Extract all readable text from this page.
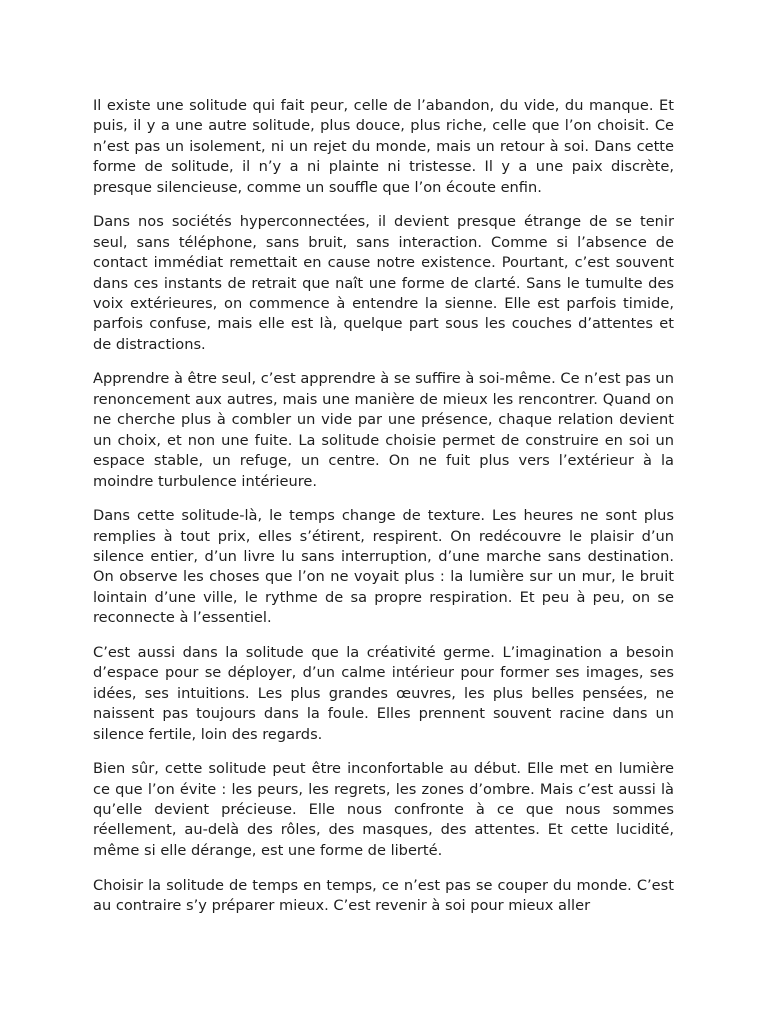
Il existe une solitude qui fait peur, celle de l’abandon, du vide, du manque. Et puis, il y a une autre solitude, plus douce, plus riche, celle que l’on choisit. Ce n’est pas un isolement, ni un rejet du monde, mais un retour à soi. Dans cette forme de solitude, il n’y a ni plainte ni tristesse. Il y a une paix discrète, presque silencieuse, comme un souffle que l’on écoute enfin.

Dans nos sociétés hyperconnectées, il devient presque étrange de se tenir seul, sans téléphone, sans bruit, sans interaction. Comme si l’absence de contact immédiat remettait en cause notre existence. Pourtant, c’est souvent dans ces instants de retrait que naît une forme de clarté. Sans le tumulte des voix extérieures, on commence à entendre la sienne. Elle est parfois timide, parfois confuse, mais elle est là, quelque part sous les couches d’attentes et de distractions.

Apprendre à être seul, c’est apprendre à se suffire à soi-même. Ce n’est pas un renoncement aux autres, mais une manière de mieux les rencontrer. Quand on ne cherche plus à combler un vide par une présence, chaque relation devient un choix, et non une fuite. La solitude choisie permet de construire en soi un espace stable, un refuge, un centre. On ne fuit plus vers l’extérieur à la moindre turbulence intérieure.

Dans cette solitude-là, le temps change de texture. Les heures ne sont plus remplies à tout prix, elles s’étirent, respirent. On redécouvre le plaisir d’un silence entier, d’un livre lu sans interruption, d’une marche sans destination. On observe les choses que l’on ne voyait plus : la lumière sur un mur, le bruit lointain d’une ville, le rythme de sa propre respiration. Et peu à peu, on se reconnecte à l’essentiel.

C’est aussi dans la solitude que la créativité germe. L’imagination a besoin d’espace pour se déployer, d’un calme intérieur pour former ses images, ses idées, ses intuitions. Les plus grandes œuvres, les plus belles pensées, ne naissent pas toujours dans la foule. Elles prennent souvent racine dans un silence fertile, loin des regards.

Bien sûr, cette solitude peut être inconfortable au début. Elle met en lumière ce que l’on évite : les peurs, les regrets, les zones d’ombre. Mais c’est aussi là qu’elle devient précieuse. Elle nous confronte à ce que nous sommes réellement, au-delà des rôles, des masques, des attentes. Et cette lucidité, même si elle dérange, est une forme de liberté.

Choisir la solitude de temps en temps, ce n’est pas se couper du monde. C’est au contraire s’y préparer mieux. C’est revenir à soi pour mieux aller
